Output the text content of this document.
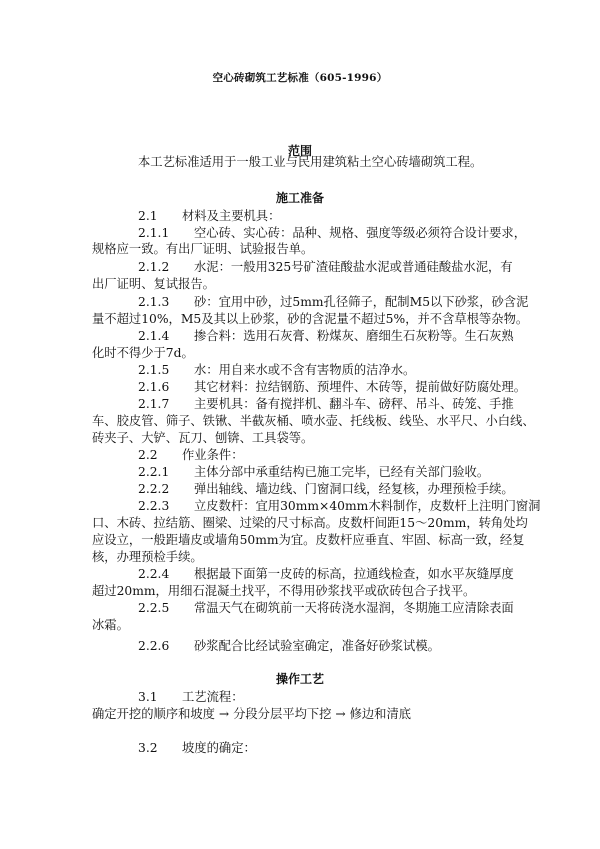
空心砖砌筑工艺标准（605-1996）
范围
本工艺标准适用于一般工业与民用建筑粘土空心砖墙砌筑工程。
施工准备
2.1 材料及主要机具：
2.1.1 空心砖、实心砖：品种、规格、强度等级必须符合设计要求，
规格应一致。有出厂证明、试验报告单。
2.1.2 水泥：一般用325号矿渣硅酸盐水泥或普通硅酸盐水泥，有
出厂证明、复试报告。
2.1.3 砂：宜用中砂，过5mm孔径筛子，配制M5以下砂浆，砂含泥
量不超过10%，M5及其以上砂浆，砂的含泥量不超过5%，并不含草根等杂物。
2.1.4 掺合料：选用石灰膏、粉煤灰、磨细生石灰粉等。生石灰熟
化时不得少于7d。
2.1.5 水：用自来水或不含有害物质的洁净水。
2.1.6 其它材料：拉结钢筋、预埋件、木砖等，提前做好防腐处理。
2.1.7 主要机具：备有搅拌机、翻斗车、磅秤、吊斗、砖笼、手推
车、胶皮管、筛子、铁锹、半截灰桶、喷水壶、托线板、线坠、水平尺、小白线、
砖夹子、大铲、瓦刀、刨锛、工具袋等。
2.2 作业条件：
2.2.1 主体分部中承重结构已施工完毕，已经有关部门验收。
2.2.2 弹出轴线、墙边线、门窗洞口线，经复核，办理预检手续。
2.2.3 立皮数杆：宜用30mm×40mm木料制作，皮数杆上注明门窗洞
口、木砖、拉结筋、圈梁、过梁的尺寸标高。皮数杆间距15～20mm，转角处均
应设立，一般距墙皮或墙角50mm为宜。皮数杆应垂直、牢固、标高一致，经复
核，办理预检手续。
2.2.4 根据最下面第一皮砖的标高，拉通线检查，如水平灰缝厚度
超过20mm，用细石混凝土找平，不得用砂浆找平或砍砖包合子找平。
2.2.5 常温天气在砌筑前一天将砖浇水湿润，冬期施工应清除表面
冰霜。
2.2.6 砂浆配合比经试验室确定，准备好砂浆试模。
操作工艺
3.1 工艺流程：
确定开挖的顺序和坡度 → 分段分层平均下挖 → 修边和清底
3.2 坡度的确定：
